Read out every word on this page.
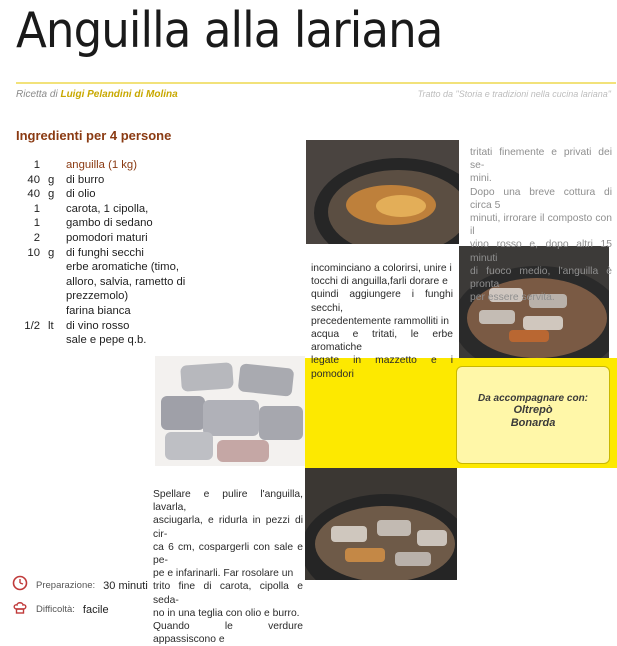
Anguilla alla lariana
Ricetta di Luigi Pelandini di Molina	Tratto da "Storia e tradizioni nella cucina lariana"
Ingredienti per 4 persone
1	anguilla (1 kg)
40 g	di burro
40 g	di olio
1	carota, 1 cipolla,
1	gambo di sedano
2	pomodori maturi
10 g	di funghi secchi
erbe aromatiche (timo,
alloro, salvia, rametto di
prezzemolo)
farina bianca
1/2 lt	di vino rosso
sale e pepe q.b.
Da accompagnare con:
Oltrepò
Bonarda
tritati finemente e privati dei se-
mini.
Dopo una breve cottura di circa 5
minuti, irrorare il composto con il
vino rosso e, dopo altri 15 minuti
di fuoco medio, l'anguilla è pronta
per essere servita.
incominciano a colorirsi, unire i
tocchi di anguilla,farli dorare e
quindi aggiungere i funghi secchi,
precedentemente rammolliti in
acqua e tritati, le erbe aromatiche
legate in mazzetto e i pomodori
Spellare e pulire l'anguilla, lavarla,
asciugarla, e ridurla in pezzi di cir-
ca 6 cm, cospargerli con sale e pe-
pe e infarinarli. Far rosolare un
trito fine di carota, cipolla e seda-
no in una teglia con olio e burro.
Quando le verdure appassiscono e
Preparazione: 30 minuti
Difficoltà: facile
